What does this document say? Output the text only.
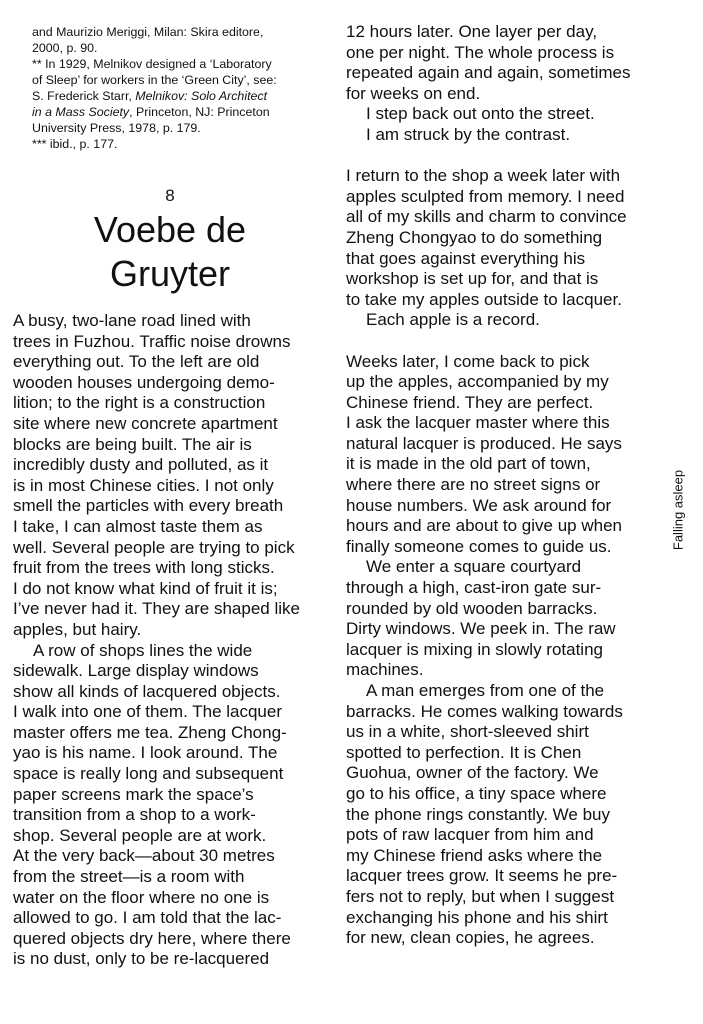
and Maurizio Meriggi, Milan: Skira editore,
2000, p. 90.
** In 1929, Melnikov designed a ‘Laboratory
of Sleep’ for workers in the ‘Green City’, see:
S. Frederick Starr, Melnikov: Solo Architect
in a Mass Society, Princeton, NJ: Princeton
University Press, 1978, p. 179.
*** ibid., p. 177.
8
Voebe de
Gruyter
A busy, two-lane road lined with
trees in Fuzhou. Traffic noise drowns
everything out. To the left are old
wooden houses undergoing demo-
lition; to the right is a construction
site where new concrete apartment
blocks are being built. The air is
incredibly dusty and polluted, as it
is in most Chinese cities. I not only
smell the particles with every breath
I take, I can almost taste them as
well. Several people are trying to pick
fruit from the trees with long sticks.
I do not know what kind of fruit it is;
I’ve never had it. They are shaped like
apples, but hairy.
A row of shops lines the wide
sidewalk. Large display windows
show all kinds of lacquered objects.
I walk into one of them. The lacquer
master offers me tea. Zheng Chong-
yao is his name. I look around. The
space is really long and subsequent
paper screens mark the space’s
transition from a shop to a work-
shop. Several people are at work.
At the very back—about 30 metres
from the street—is a room with
water on the floor where no one is
allowed to go. I am told that the lac-
quered objects dry here, where there
is no dust, only to be re-lacquered
12 hours later. One layer per day,
one per night. The whole process is
repeated again and again, sometimes
for weeks on end.
I step back out onto the street.
I am struck by the contrast.
I return to the shop a week later with
apples sculpted from memory. I need
all of my skills and charm to convince
Zheng Chongyao to do something
that goes against everything his
workshop is set up for, and that is
to take my apples outside to lacquer.
Each apple is a record.
Weeks later, I come back to pick
up the apples, accompanied by my
Chinese friend. They are perfect.
I ask the lacquer master where this
natural lacquer is produced. He says
it is made in the old part of town,
where there are no street signs or
house numbers. We ask around for
hours and are about to give up when
finally someone comes to guide us.
We enter a square courtyard
through a high, cast-iron gate sur-
rounded by old wooden barracks.
Dirty windows. We peek in. The raw
lacquer is mixing in slowly rotating
machines.
A man emerges from one of the
barracks. He comes walking towards
us in a white, short-sleeved shirt
spotted to perfection. It is Chen
Guohua, owner of the factory. We
go to his office, a tiny space where
the phone rings constantly. We buy
pots of raw lacquer from him and
my Chinese friend asks where the
lacquer trees grow. It seems he pre-
fers not to reply, but when I suggest
exchanging his phone and his shirt
for new, clean copies, he agrees.
Falling asleep
